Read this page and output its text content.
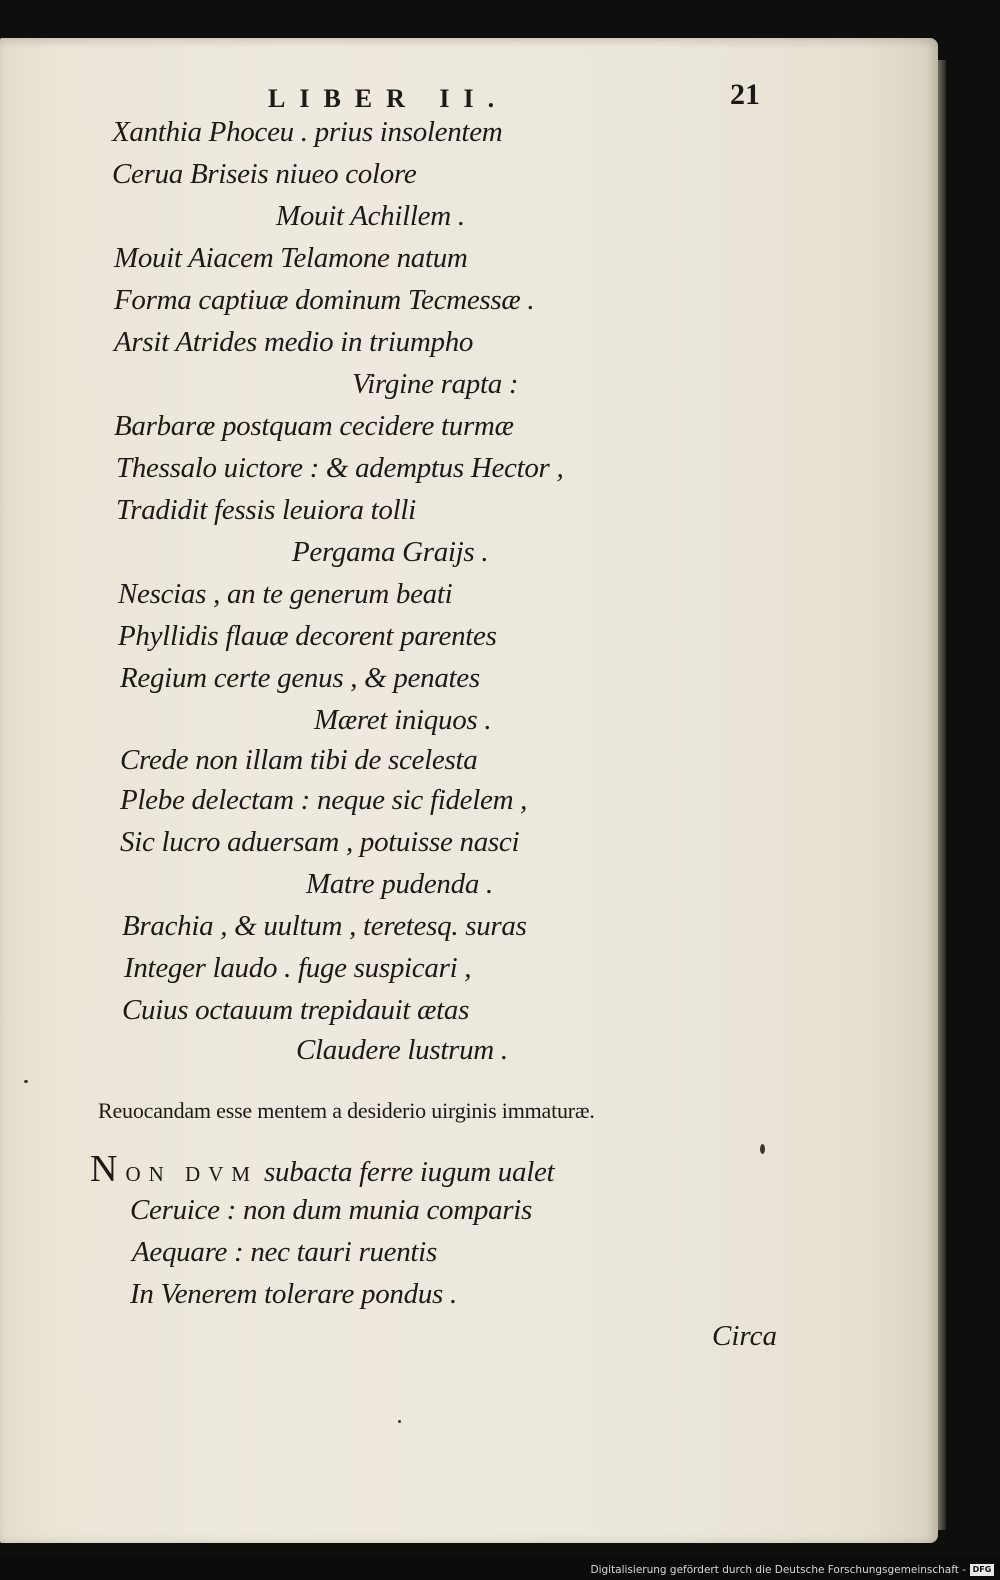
LIBER II.	21
Xanthia Phoceu . prius insolentem
Cerua Briseis niueo colore
Mouit Achillem .
Mouit Aiacem Telamone natum
Forma captiuæ dominum Tecmessæ .
Arsit Atrides medio in triumpho
Virgine rapta :
Barbaræ postquam cecidere turmæ
Thessalo uictore : & ademptus Hector ,
Tradidit fessis leuiora tolli
Pergama Graijs .
Nescias , an te generum beati
Phyllidis flauæ decorent parentes
Regium certe genus , & penates
Mæret iniquos .
Crede non illam tibi de scelesta
Plebe delectam : neque sic fidelem ,
Sic lucro aduersam , potuisse nasci
Matre pudenda .
Brachia , & uultum , teretesq. suras
Integer laudo . fuge suspicari ,
Cuius octauum trepidauit ætas
Claudere lustrum .
Reuocandam esse mentem a desiderio uirginis immaturæ.
NON DVM subacta ferre iugum ualet
Ceruice : non dum munia comparis
Aequare : nec tauri ruentis
In Venerem tolerare pondus .
Circa
Digitalisierung gefördert durch die Deutsche Forschungsgemeinschaft - DFG
